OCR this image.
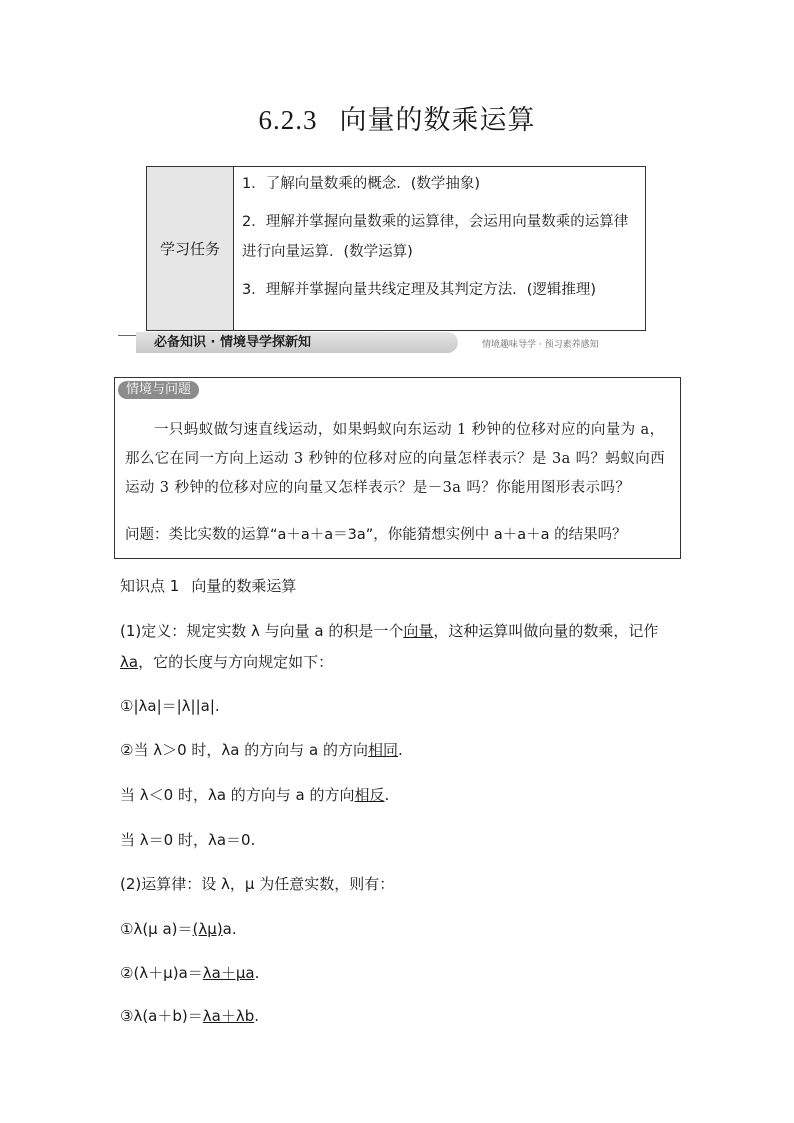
6.2.3 向量的数乘运算
学习任务
1．了解向量数乘的概念．(数学抽象)
2．理解并掌握向量数乘的运算律，会运用向量数乘的运算律进行向量运算．(数学运算)
3．理解并掌握向量共线定理及其判定方法．(逻辑推理)
必备知识 · 情境导学探新知	情境趣味导学 · 预习素养感知
情境与问题

一只蚂蚁做匀速直线运动，如果蚂蚁向东运动 1 秒钟的位移对应的向量为 a，那么它在同一方向上运动 3 秒钟的位移对应的向量怎样表示？是 3a 吗？蚂蚁向西运动 3 秒钟的位移对应的向量又怎样表示？是－3a 吗？你能用图形表示吗？

问题：类比实数的运算“a＋a＋a＝3a”，你能猜想实例中 a＋a＋a 的结果吗？
知识点 1 向量的数乘运算
(1)定义：规定实数 λ 与向量 a 的积是一个向量，这种运算叫做向量的数乘，记作
λa，它的长度与方向规定如下：
①|λa|＝|λ||a|.
②当 λ＞0 时，λa 的方向与 a 的方向相同.
当 λ＜0 时，λa 的方向与 a 的方向相反.
当 λ＝0 时，λa＝0.
(2)运算律：设 λ，μ 为任意实数，则有：
①λ(μ a)＝(λμ)a.
②(λ＋μ)a＝λa＋μa.
③λ(a＋b)＝λa＋λb.
